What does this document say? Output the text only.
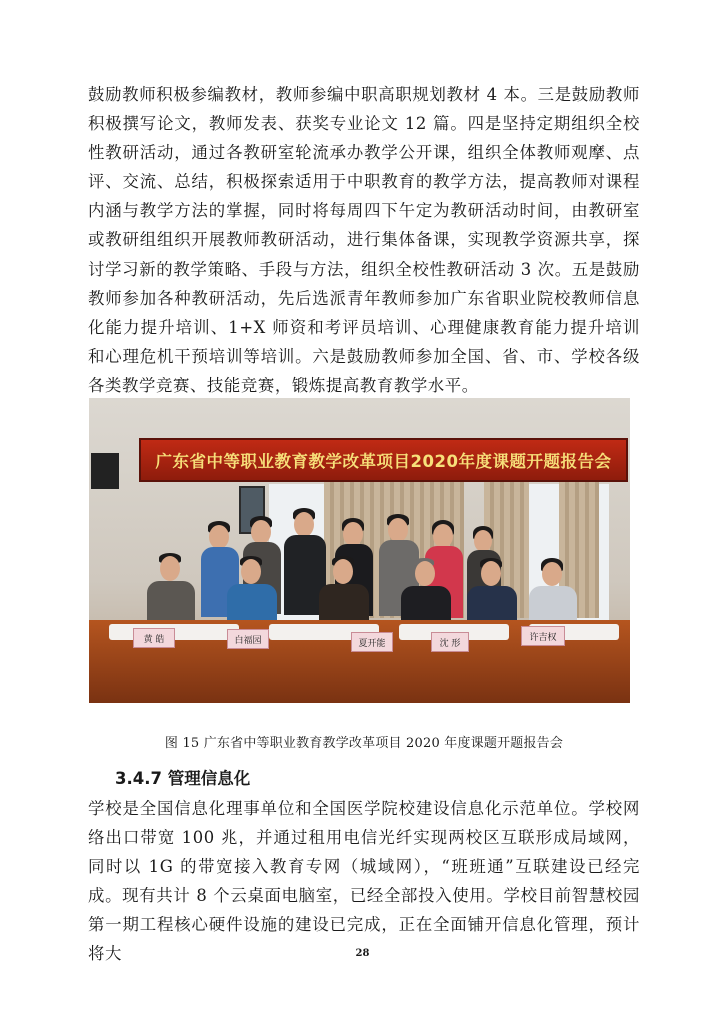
鼓励教师积极参编教材，教师参编中职高职规划教材 4 本。三是鼓励教师积极撰写论文，教师发表、获奖专业论文 12 篇。四是坚持定期组织全校性教研活动，通过各教研室轮流承办教学公开课，组织全体教师观摩、点评、交流、总结，积极探索适用于中职教育的教学方法，提高教师对课程内涵与教学方法的掌握，同时将每周四下午定为教研活动时间，由教研室或教研组组织开展教师教研活动，进行集体备课，实现教学资源共享，探讨学习新的教学策略、手段与方法，组织全校性教研活动 3 次。五是鼓励教师参加各种教研活动，先后选派青年教师参加广东省职业院校教师信息化能力提升培训、1+X 师资和考评员培训、心理健康教育能力提升培训和心理危机干预培训等培训。六是鼓励教师参加全国、省、市、学校各级各类教学竞赛、技能竞赛，锻炼提高教育教学水平。

广东省中等职业教育教学改革项目2020年度课题开题报告会
黄 皓	白福园	夏开能	沈 形
许吉权
图 15 广东省中等职业教育教学改革项目 2020 年度课题开题报告会
3.4.7 管理信息化

学校是全国信息化理事单位和全国医学院校建设信息化示范单位。学校网络出口带宽 100 兆，并通过租用电信光纤实现两校区互联形成局域网，同时以 1G 的带宽接入教育专网（城域网），“班班通”互联建设已经完成。现有共计 8 个云桌面电脑室，已经全部投入使用。学校目前智慧校园第一期工程核心硬件设施的建设已完成，正在全面铺开信息化管理，预计将大	28
